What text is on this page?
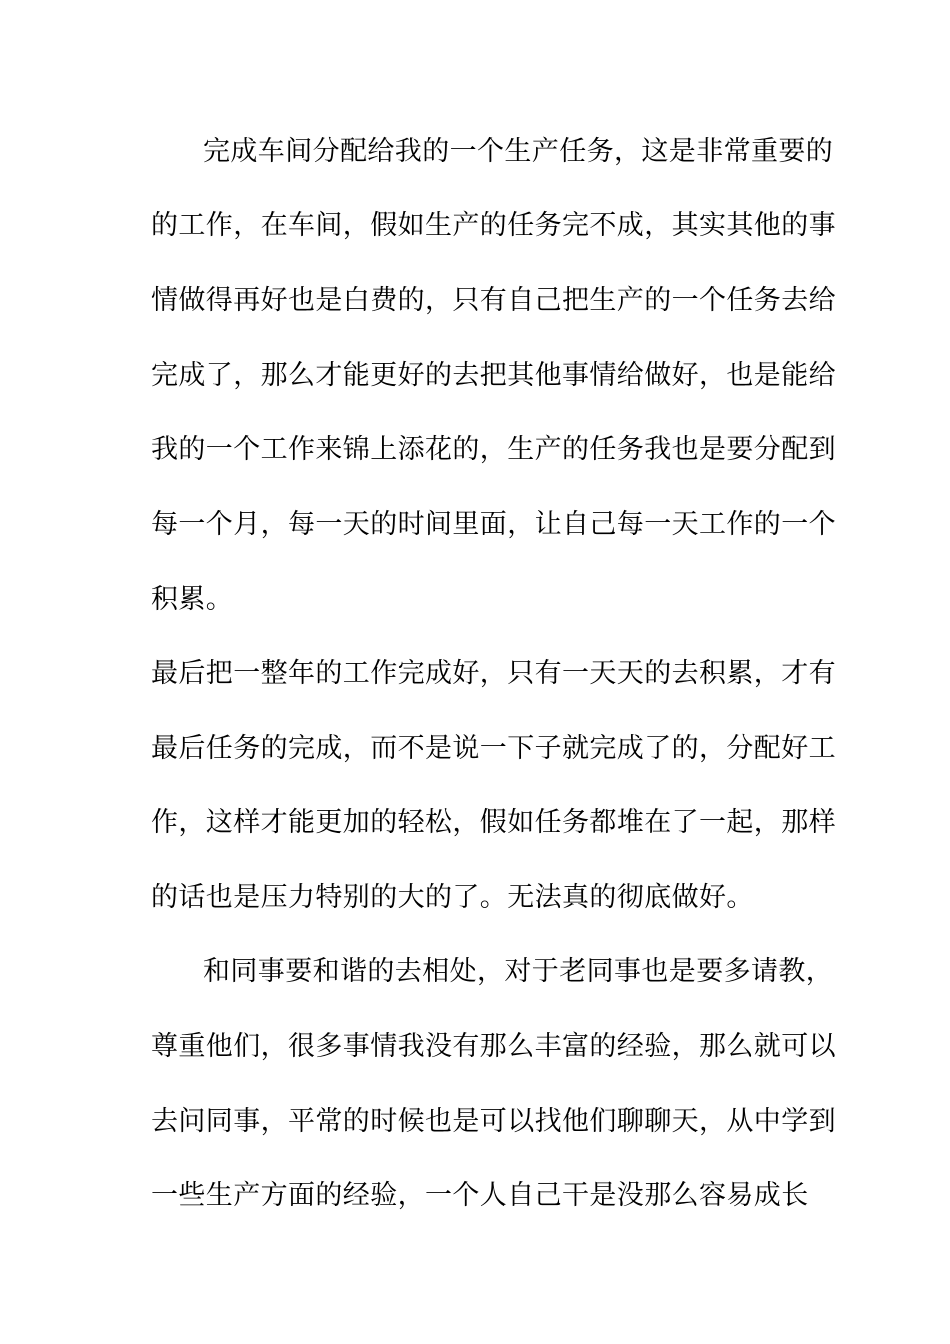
完成车间分配给我的一个生产任务，这是非常重要的
的工作，在车间，假如生产的任务完不成，其实其他的事
情做得再好也是白费的，只有自己把生产的一个任务去给
完成了，那么才能更好的去把其他事情给做好，也是能给
我的一个工作来锦上添花的，生产的任务我也是要分配到
每一个月，每一天的时间里面，让自己每一天工作的一个
积累。
最后把一整年的工作完成好，只有一天天的去积累，才有
最后任务的完成，而不是说一下子就完成了的，分配好工
作，这样才能更加的轻松，假如任务都堆在了一起，那样
的话也是压力特别的大的了。无法真的彻底做好。
和同事要和谐的去相处，对于老同事也是要多请教，
尊重他们，很多事情我没有那么丰富的经验，那么就可以
去问同事，平常的时候也是可以找他们聊聊天，从中学到
一些生产方面的经验，一个人自己干是没那么容易成长
